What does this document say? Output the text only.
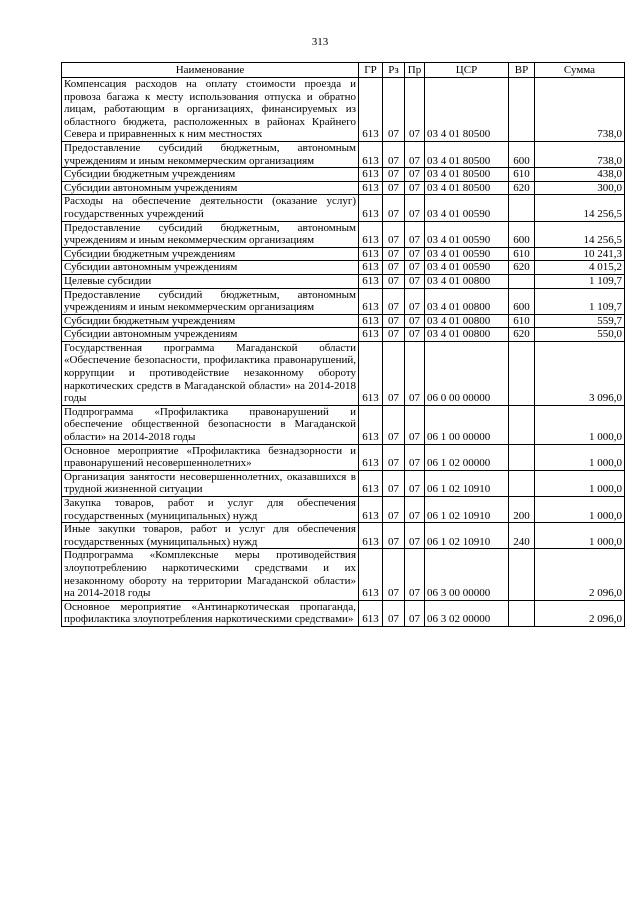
313
Наименование	ГР	Рз	Пр	ЦСР	ВР	Сумма
Компенсация расходов на оплату стоимости проезда и провоза багажа к месту использования отпуска и обратно лицам, работающим в организациях, финансируемых из областного бюджета, расположенных в районах Крайнего Севера и приравненных к ним местностях	613	07	07	03 4 01 80500		738,0
Предоставление субсидий бюджетным, автономным учреждениям и иным некоммерческим организациям	613	07	07	03 4 01 80500	600	738,0
Субсидии бюджетным учреждениям	613	07	07	03 4 01 80500	610	438,0
Субсидии автономным учреждениям	613	07	07	03 4 01 80500	620	300,0
Расходы на обеспечение деятельности (оказание услуг) государственных учреждений	613	07	07	03 4 01 00590		14 256,5
Предоставление субсидий бюджетным, автономным учреждениям и иным некоммерческим организациям	613	07	07	03 4 01 00590	600	14 256,5
Субсидии бюджетным учреждениям	613	07	07	03 4 01 00590	610	10 241,3
Субсидии автономным учреждениям	613	07	07	03 4 01 00590	620	4 015,2
Целевые субсидии	613	07	07	03 4 01 00800		1 109,7
Предоставление субсидий бюджетным, автономным учреждениям и иным некоммерческим организациям	613	07	07	03 4 01 00800	600	1 109,7
Субсидии бюджетным учреждениям	613	07	07	03 4 01 00800	610	559,7
Субсидии автономным учреждениям	613	07	07	03 4 01 00800	620	550,0
Государственная программа Магаданской области «Обеспечение безопасности, профилактика правонарушений, коррупции и противодействие незаконному обороту наркотических средств в Магаданской области» на 2014-2018 годы	613	07	07	06 0 00 00000		3 096,0
Подпрограмма «Профилактика правонарушений и обеспечение общественной безопасности в Магаданской области» на 2014-2018 годы	613	07	07	06 1 00 00000		1 000,0
Основное мероприятие «Профилактика безнадзорности и правонарушений несовершеннолетних»	613	07	07	06 1 02 00000		1 000,0
Организация занятости несовершеннолетних, оказавшихся в трудной жизненной ситуации	613	07	07	06 1 02 10910		1 000,0
Закупка товаров, работ и услуг для обеспечения государственных (муниципальных) нужд	613	07	07	06 1 02 10910	200	1 000,0
Иные закупки товаров, работ и услуг для обеспечения государственных (муниципальных) нужд	613	07	07	06 1 02 10910	240	1 000,0
Подпрограмма «Комплексные меры противодействия злоупотреблению наркотическими средствами и их незаконному обороту на территории Магаданской области» на 2014-2018 годы	613	07	07	06 3 00 00000		2 096,0
Основное мероприятие «Антинаркотическая пропаганда, профилактика злоупотребления наркотическими средствами»	613	07	07	06 3 02 00000		2 096,0
